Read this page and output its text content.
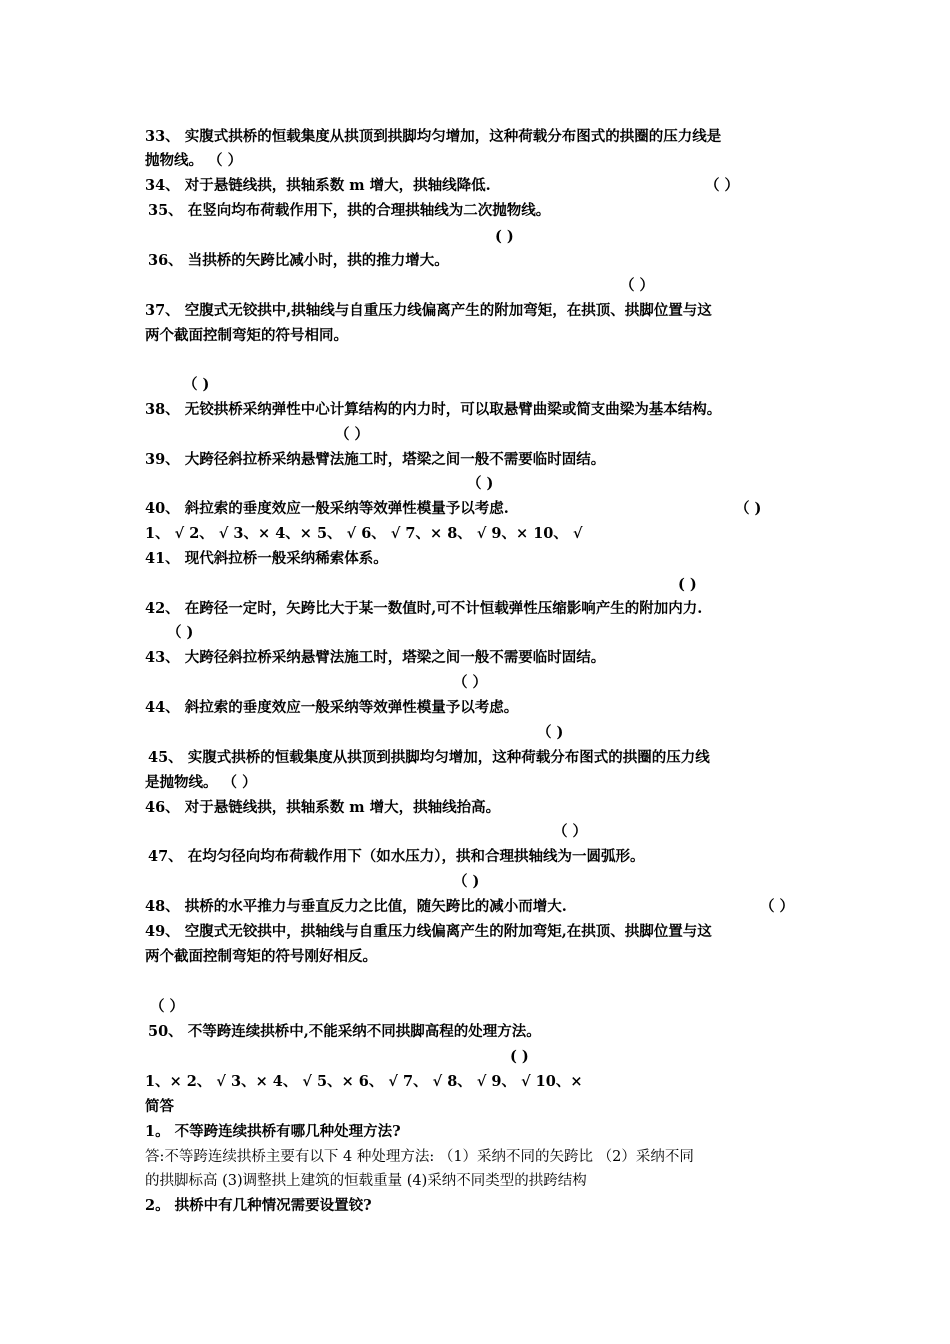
33、 实腹式拱桥的恒载集度从拱顶到拱脚均匀增加，这种荷载分布图式的拱圈的压力线是
抛物线。 （ ）
34、 对于悬链线拱，拱轴系数 m 增大，拱轴线降低.	（ ）
35、 在竖向均布荷载作用下，拱的合理拱轴线为二次抛物线。
( )
36、 当拱桥的矢跨比减小时，拱的推力增大。
（ ）
37、 空腹式无铰拱中,拱轴线与自重压力线偏离产生的附加弯矩，在拱顶、拱脚位置与这
两个截面控制弯矩的符号相同。
（ )
38、 无铰拱桥采纳弹性中心计算结构的内力时，可以取悬臂曲梁或简支曲梁为基本结构。
（ ）
39、 大跨径斜拉桥采纳悬臂法施工时，塔梁之间一般不需要临时固结。
（ )
40、 斜拉索的垂度效应一般采纳等效弹性模量予以考虑.	（ )
1、 √ 2、 √ 3、× 4、× 5、 √ 6、 √ 7、× 8、 √ 9、× 10、 √
41、 现代斜拉桥一般采纳稀索体系。
( )
42、 在跨径一定时，矢跨比大于某一数值时,可不计恒载弹性压缩影响产生的附加内力.
（ )
43、 大跨径斜拉桥采纳悬臂法施工时，塔梁之间一般不需要临时固结。
（ ）
44、 斜拉索的垂度效应一般采纳等效弹性模量予以考虑。
（ )
45、 实腹式拱桥的恒载集度从拱顶到拱脚均匀增加，这种荷载分布图式的拱圈的压力线
是抛物线。 （ ）
46、 对于悬链线拱，拱轴系数 m 增大，拱轴线抬高。
（ ）
47、 在均匀径向均布荷载作用下（如水压力），拱和合理拱轴线为一圆弧形。
（ )
48、 拱桥的水平推力与垂直反力之比值，随矢跨比的减小而增大.	（ ）
49、 空腹式无铰拱中，拱轴线与自重压力线偏离产生的附加弯矩,在拱顶、拱脚位置与这
两个截面控制弯矩的符号刚好相反。
（ ）
50、 不等跨连续拱桥中,不能采纳不同拱脚高程的处理方法。
( )
1、× 2、 √ 3、× 4、 √ 5、× 6、 √ 7、 √ 8、 √ 9、 √ 10、×
简答
1。 不等跨连续拱桥有哪几种处理方法?
答:不等跨连续拱桥主要有以下 4 种处理方法: （1）采纳不同的矢跨比 （2）采纳不同
的拱脚标高 (3)调整拱上建筑的恒载重量 (4)采纳不同类型的拱跨结构
2。 拱桥中有几种情况需要设置铰?
